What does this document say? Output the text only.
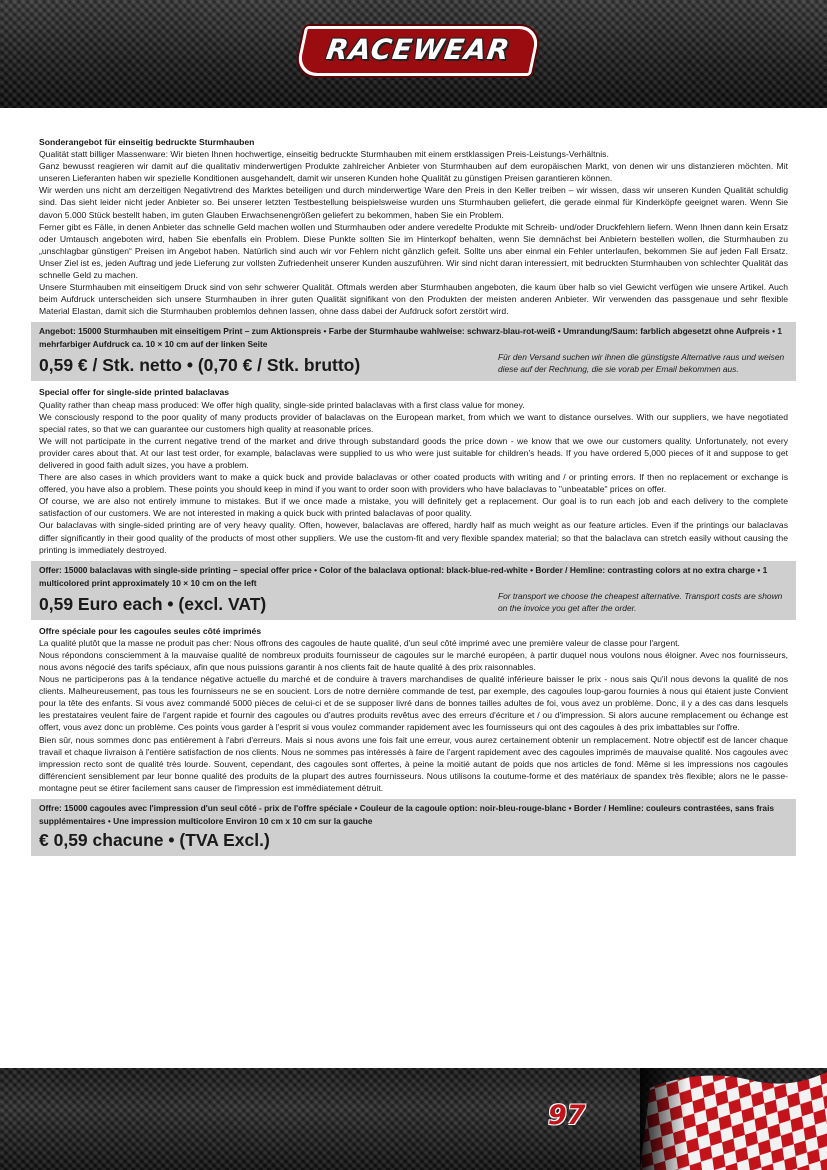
RACEWEAR
Sonderangebot für einseitig bedruckte Sturmhauben

Qualität statt billiger Massenware: Wir bieten Ihnen hochwertige, einseitig bedruckte Sturmhauben mit einem erstklassigen Preis-Leistungs-Verhältnis.

Ganz bewusst reagieren wir damit auf die qualitativ minderwertigen Produkte zahlreicher Anbieter von Sturmhauben auf dem europäischen Markt, von denen wir uns distanzieren möchten. Mit unseren Lieferanten haben wir spezielle Konditionen ausgehandelt, damit wir unseren Kunden hohe Qualität zu günstigen Preisen garantieren können.

Wir werden uns nicht am derzeitigen Negativtrend des Marktes beteiligen und durch minderwertige Ware den Preis in den Keller treiben – wir wissen, dass wir unseren Kunden Qualität schuldig sind. Das sieht leider nicht jeder Anbieter so. Bei unserer letzten Testbestellung beispielsweise wurden uns Sturmhauben geliefert, die gerade einmal für Kinderköpfe geeignet waren. Wenn Sie davon 5.000 Stück bestellt haben, im guten Glauben Erwachsenengrößen geliefert zu bekommen, haben Sie ein Problem.

Ferner gibt es Fälle, in denen Anbieter das schnelle Geld machen wollen und Sturmhauben oder andere veredelte Produkte mit Schreib- und/oder Druckfehlern liefern. Wenn Ihnen dann kein Ersatz oder Umtausch angeboten wird, haben Sie ebenfalls ein Problem. Diese Punkte sollten Sie im Hinterkopf behalten, wenn Sie demnächst bei Anbietern bestellen wollen, die Sturmhauben zu „unschlagbar günstigen“ Preisen im Angebot haben. Natürlich sind auch wir vor Fehlern nicht gänzlich gefeit. Sollte uns aber einmal ein Fehler unterlaufen, bekommen Sie auf jeden Fall Ersatz. Unser Ziel ist es, jeden Auftrag und jede Lieferung zur vollsten Zufriedenheit unserer Kunden auszuführen. Wir sind nicht daran interessiert, mit bedruckten Sturmhauben von schlechter Qualität das schnelle Geld zu machen.

Unsere Sturmhauben mit einseitigem Druck sind von sehr schwerer Qualität. Oftmals werden aber Sturmhauben angeboten, die kaum über halb so viel Gewicht verfügen wie unsere Artikel. Auch beim Aufdruck unterscheiden sich unsere Sturmhauben in ihrer guten Qualität signifikant von den Produkten der meisten anderen Anbieter. Wir verwenden das passgenaue und sehr flexible Material Elastan, damit sich die Sturmhauben problemlos dehnen lassen, ohne dass dabei der Aufdruck sofort zerstört wird.

Angebot: 15000 Sturmhauben mit einseitigem Print – zum Aktionspreis • Farbe der Sturmhaube wahlweise: schwarz-blau-rot-weiß • Umrandung/Saum: farblich abgesetzt ohne Aufpreis • 1 mehrfarbiger Aufdruck ca. 10 × 10 cm auf der linken Seite
0,59 € / Stk. netto • (0,70 € / Stk. brutto)	Für den Versand suchen wir ihnen die günstigste Alternative raus und weisen diese auf der Rechnung, die sie vorab per Email bekommen aus.
Special offer for single-side printed balaclavas

Quality rather than cheap mass produced: We offer high quality, single-side printed balaclavas with a first class value for money.

We consciously respond to the poor quality of many products provider of balaclavas on the European market, from which we want to distance ourselves. With our suppliers, we have negotiated special rates, so that we can guarantee our customers high quality at reasonable prices.

We will not participate in the current negative trend of the market and drive through substandard goods the price down - we know that we owe our customers quality. Unfortunately, not every provider cares about that. At our last test order, for example, balaclavas were supplied to us who were just suitable for children's heads. If you have ordered 5,000 pieces of it and suppose to get delivered in good faith adult sizes, you have a problem.

There are also cases in which providers want to make a quick buck and provide balaclavas or other coated products with writing and / or printing errors. If then no replacement or exchange is offered, you have also a problem. These points you should keep in mind if you want to order soon with providers who have balaclavas to "unbeatable" prices on offer.

Of course, we are also not entirely immune to mistakes. But if we once made a mistake, you will definitely get a replacement. Our goal is to run each job and each delivery to the complete satisfaction of our customers. We are not interested in making a quick buck with printed balaclavas of poor quality.

Our balaclavas with single-sided printing are of very heavy quality. Often, however, balaclavas are offered, hardly half as much weight as our feature articles. Even if the printings our balaclavas differ significantly in their good quality of the products of most other suppliers. We use the custom-fit and very flexible spandex material; so that the balaclava can stretch easily without causing the printing is immediately destroyed.

Offer: 15000 balaclavas with single-side printing – special offer price • Color of the balaclava optional: black-blue-red-white • Border / Hemline: contrasting colors at no extra charge • 1 multicolored print approximately 10 × 10 cm on the left
0,59 Euro each • (excl. VAT)	For transport we choose the cheapest alternative. Transport costs are shown on the invoice you get after the order.
Offre spéciale pour les cagoules seules côté imprimés

La qualité plutôt que la masse ne produit pas cher: Nous offrons des cagoules de haute qualité, d'un seul côté imprimé avec une première valeur de classe pour l'argent.

Nous répondons consciemment à la mauvaise qualité de nombreux produits fournisseur de cagoules sur le marché européen, à partir duquel nous voulons nous éloigner. Avec nos fournisseurs, nous avons négocié des tarifs spéciaux, afin que nous puissions garantir à nos clients fait de haute qualité à des prix raisonnables.

Nous ne participerons pas à la tendance négative actuelle du marché et de conduire à travers marchandises de qualité inférieure baisser le prix - nous sais Qu'il nous devons la qualité de nos clients. Malheureusement, pas tous les fournisseurs ne se en soucient. Lors de notre dernière commande de test, par exemple, des cagoules loup-garou fournies à nous qui étaient juste Convient pour la tête des enfants. Si vous avez commandé 5000 pièces de celui-ci et de se supposer livré dans de bonnes tailles adultes de foi, vous avez un problème. Donc, il y a des cas dans lesquels les prestataires veulent faire de l'argent rapide et fournir des cagoules ou d'autres produits revêtus avec des erreurs d'écriture et / ou d'impression. Si alors aucune remplacement ou échange est offert, vous avez donc un problème. Ces points vous garder à l'esprit si vous voulez commander rapidement avec les fournisseurs qui ont des cagoules à des prix imbattables sur l'offre.

Bien sûr, nous sommes donc pas entièrement à l'abri d'erreurs. Mais si nous avons une fois fait une erreur, vous aurez certainement obtenir un remplacement. Notre objectif est de lancer chaque travail et chaque livraison à l'entière satisfaction de nos clients. Nous ne sommes pas intéressés à faire de l'argent rapidement avec des cagoules imprimés de mauvaise qualité. Nos cagoules avec impression recto sont de qualité très lourde. Souvent, cependant, des cagoules sont offertes, à peine la moitié autant de poids que nos articles de fond. Même si les impressions nos cagoules différencient sensiblement par leur bonne qualité des produits de la plupart des autres fournisseurs. Nous utilisons la coutume-forme et des matériaux de spandex très flexible; alors ne le passe-montagne peut se étirer facilement sans causer de l'impression est immédiatement détruit.

Offre: 15000 cagoules avec l'impression d'un seul côté - prix de l'offre spéciale • Couleur de la cagoule option: noir-bleu-rouge-blanc • Border / Hemline: couleurs contrastées, sans frais supplémentaires • Une impression multicolore Environ 10 cm x 10 cm sur la gauche
€ 0,59 chacune • (TVA Excl.)
97
